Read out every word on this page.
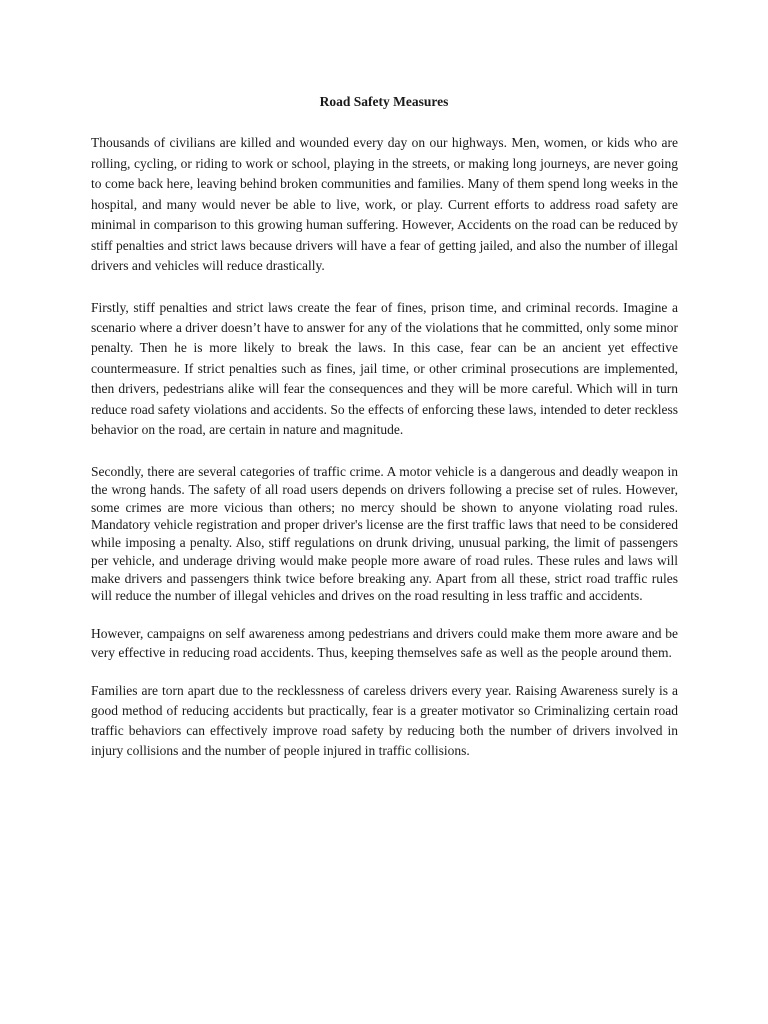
Road Safety Measures

Thousands of civilians are killed and wounded every day on our highways. Men, women, or kids who are rolling, cycling, or riding to work or school, playing in the streets, or making long journeys, are never going to come back here, leaving behind broken communities and families. Many of them spend long weeks in the hospital, and many would never be able to live, work, or play. Current efforts to address road safety are minimal in comparison to this growing human suffering. However, Accidents on the road can be reduced by stiff penalties and strict laws because drivers will have a fear of getting jailed, and also the number of illegal drivers and vehicles will reduce drastically.

Firstly, stiff penalties and strict laws create the fear of fines, prison time, and criminal records. Imagine a scenario where a driver doesn’t have to answer for any of the violations that he committed, only some minor penalty. Then he is more likely to break the laws. In this case, fear can be an ancient yet effective countermeasure. If strict penalties such as fines, jail time, or other criminal prosecutions are implemented, then drivers, pedestrians alike will fear the consequences and they will be more careful. Which will in turn reduce road safety violations and accidents. So the effects of enforcing these laws, intended to deter reckless behavior on the road, are certain in nature and magnitude.

Secondly, there are several categories of traffic crime. A motor vehicle is a dangerous and deadly weapon in the wrong hands. The safety of all road users depends on drivers following a precise set of rules. However, some crimes are more vicious than others; no mercy should be shown to anyone violating road rules. Mandatory vehicle registration and proper driver's license are the first traffic laws that need to be considered while imposing a penalty. Also, stiff regulations on drunk driving, unusual parking, the limit of passengers per vehicle, and underage driving would make people more aware of road rules. These rules and laws will make drivers and passengers think twice before breaking any. Apart from all these, strict road traffic rules will reduce the number of illegal vehicles and drives on the road resulting in less traffic and accidents.

However, campaigns on self awareness among pedestrians and drivers could make them more aware and be very effective in reducing road accidents. Thus, keeping themselves safe as well as the people around them.

Families are torn apart due to the recklessness of careless drivers every year. Raising Awareness surely is a good method of reducing accidents but practically, fear is a greater motivator so Criminalizing certain road traffic behaviors can effectively improve road safety by reducing both the number of drivers involved in injury collisions and the number of people injured in traffic collisions.
